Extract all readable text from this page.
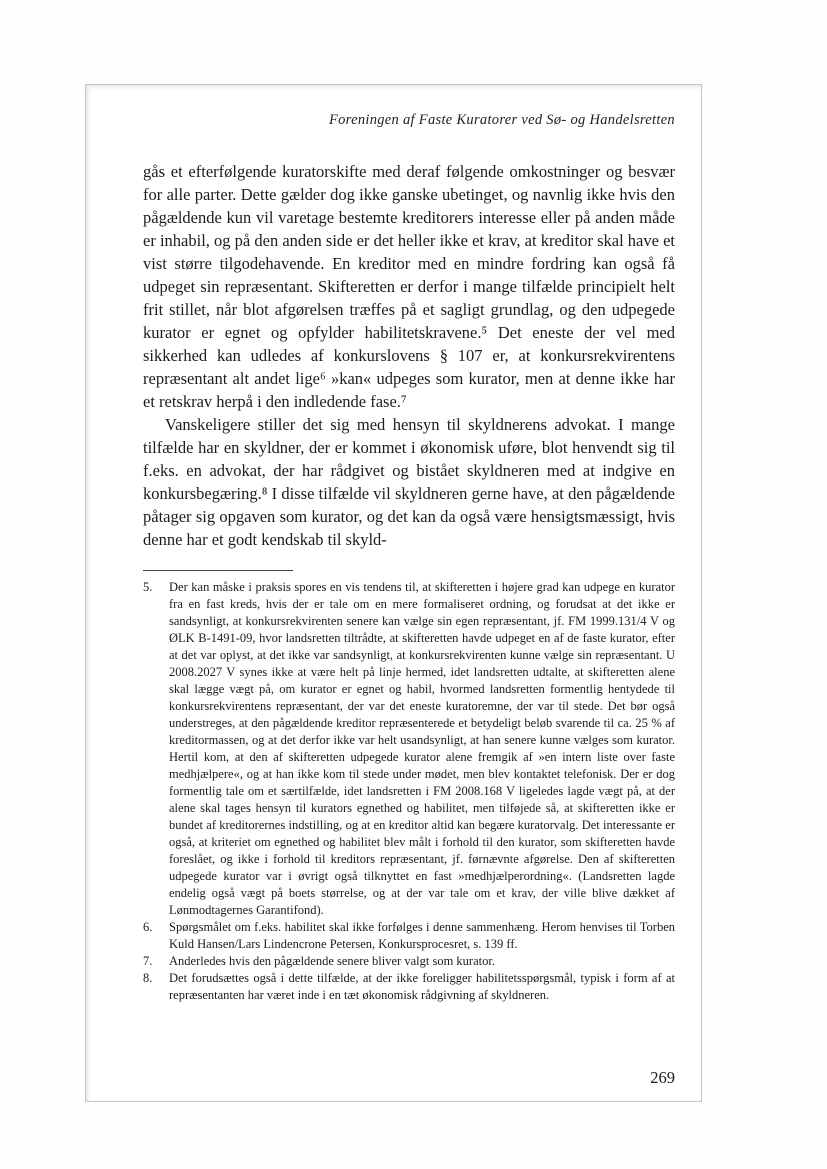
Foreningen af Faste Kuratorer ved Sø- og Handelsretten

gås et efterfølgende kuratorskifte med deraf følgende omkostninger og besvær for alle parter. Dette gælder dog ikke ganske ubetinget, og navnlig ikke hvis den pågældende kun vil varetage bestemte kreditorers interesse eller på anden måde er inhabil, og på den anden side er det heller ikke et krav, at kreditor skal have et vist større tilgodehavende. En kreditor med en mindre fordring kan også få udpeget sin repræsentant. Skifteretten er derfor i mange tilfælde principielt helt frit stillet, når blot afgørelsen træffes på et sagligt grundlag, og den udpegede kurator er egnet og opfylder habilitetskravene.⁵ Det eneste der vel med sikkerhed kan udledes af konkurslovens § 107 er, at konkursrekvirentens repræsentant alt andet lige⁶ »kan« udpeges som kurator, men at denne ikke har et retskrav herpå i den indledende fase.⁷

Vanskeligere stiller det sig med hensyn til skyldnerens advokat. I mange tilfælde har en skyldner, der er kommet i økonomisk uføre, blot henvendt sig til f.eks. en advokat, der har rådgivet og bistået skyldneren med at indgive en konkursbegæring.⁸ I disse tilfælde vil skyldneren gerne have, at den pågældende påtager sig opgaven som kurator, og det kan da også være hensigtsmæssigt, hvis denne har et godt kendskab til skyld-

5.	Der kan måske i praksis spores en vis tendens til, at skifteretten i højere grad kan udpege en kurator fra en fast kreds, hvis der er tale om en mere formaliseret ordning, og forudsat at det ikke er sandsynligt, at konkursrekvirenten senere kan vælge sin egen repræsentant, jf. FM 1999.131/4 V og ØLK B-1491-09, hvor landsretten tiltrådte, at skifteretten havde udpeget en af de faste kurator, efter at det var oplyst, at det ikke var sandsynligt, at konkursrekvirenten kunne vælge sin repræsentant. U 2008.2027 V synes ikke at være helt på linje hermed, idet landsretten udtalte, at skifteretten alene skal lægge vægt på, om kurator er egnet og habil, hvormed landsretten formentlig hentydede til konkursrekvirentens repræsentant, der var det eneste kuratoremne, der var til stede. Det bør også understreges, at den pågældende kreditor repræsenterede et betydeligt beløb svarende til ca. 25 % af kreditormassen, og at det derfor ikke var helt usandsynligt, at han senere kunne vælges som kurator. Hertil kom, at den af skifteretten udpegede kurator alene fremgik af »en intern liste over faste medhjælpere«, og at han ikke kom til stede under mødet, men blev kontaktet telefonisk. Der er dog formentlig tale om et særtilfælde, idet landsretten i FM 2008.168 V ligeledes lagde vægt på, at der alene skal tages hensyn til kurators egnethed og habilitet, men tilføjede så, at skifteretten ikke er bundet af kreditorernes indstilling, og at en kreditor altid kan begære kuratorvalg. Det interessante er også, at kriteriet om egnethed og habilitet blev målt i forhold til den kurator, som skifteretten havde foreslået, og ikke i forhold til kreditors repræsentant, jf. førnævnte afgørelse. Den af skifteretten udpegede kurator var i øvrigt også tilknyttet en fast »medhjælperordning«. (Landsretten lagde endelig også vægt på boets størrelse, og at der var tale om et krav, der ville blive dækket af Lønmodtagernes Garantifond).
6.	Spørgsmålet om f.eks. habilitet skal ikke forfølges i denne sammenhæng. Herom henvises til Torben Kuld Hansen/Lars Lindencrone Petersen, Konkursprocesret, s. 139 ff.
7.	Anderledes hvis den pågældende senere bliver valgt som kurator.
8.	Det forudsættes også i dette tilfælde, at der ikke foreligger habilitetsspørgsmål, typisk i form af at repræsentanten har været inde i en tæt økonomisk rådgivning af skyldneren.
269
